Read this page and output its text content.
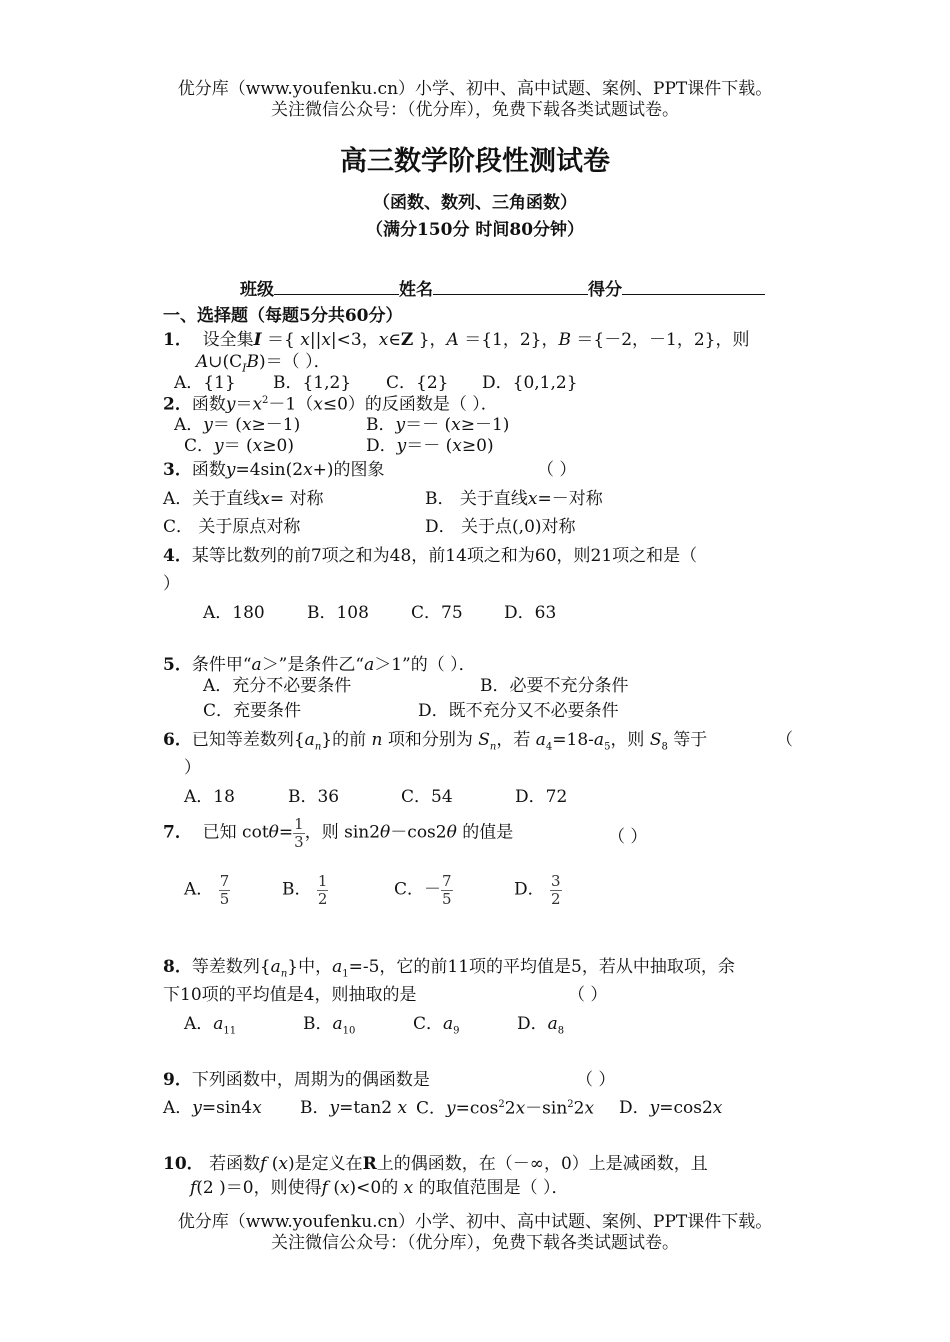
优分库（www.youfenku.cn）小学、初中、高中试题、案例、PPT课件下载。
关注微信公众号：（优分库），免费下载各类试题试卷。
高三数学阶段性测试卷
（函数、数列、三角函数）
（满分150分 时间80分钟）
班级	姓名	得分
一、选择题（每题5分共60分）
1． 设全集I ＝{ x||x|<3，x∈Z }，A ＝{1，2}，B ＝{－2，－1，2}，则
$A\cup(C_IB)=$（ ）．
A．{1} B．{1,2} C．{2} D．{0,1,2}
2．函数$y=x^2-1(x\le 0)$的反函数是（ ）．
A．y＝ (x≥－1)	B．y＝－ (x≥－1)
C．y＝ (x≥0)	D．y＝－ (x≥0)
3．函数y=4sin(2x+)的图象	（ ）
A．关于直线x= 对称	B． 关于直线x=－对称
C． 关于原点对称	D． 关于点(,0)对称
4．某等比数列的前7项之和为48，前14项之和为60，则21项之和是（
）
A．180 B．108 C．75 D．63
5．条件甲“a＞”是条件乙“a＞1”的（ ）．
A．充分不必要条件	B．必要不充分条件
C．充要条件	D．既不充分又不必要条件
6．已知等差数列$\{a_n\}$的前 n 项和分别为 $S_n$，若 $a_4=18-a_5$，则 $S_8$ 等于	（
）
A．18	B．36	C．54	D．72
7． 已知 $\cot\theta= \frac{1}{3}$ ，则 sin2θ－cos2θ 的值是	（ ）
A． $\frac{7}{5}$	B． $\frac{1}{2}$	C．－ $\frac{7}{5}$	D． $\frac{3}{2}$
8．等差数列$\{a_n\}$中，$a_1=-5$，它的前11项的平均值是5，若从中抽取项，余
下10项的平均值是4，则抽取的是	（ ）
A．$a_{11}$	B．$a_{10}$	C．$a_9$	D．$a_8$
9．下列函数中，周期为的偶函数是	（ ）
A．y=sin4x B．y=tan2 x C．$y=\cos^22x-\sin^22x$ D．y=cos2x
10． 若函数f (x)是定义在R上的偶函数，在（－∞，0）上是减函数，且
f(2 )＝0，则使得f (x)<0的 x 的取值范围是（ ）．
优分库（www.youfenku.cn）小学、初中、高中试题、案例、PPT课件下载。
关注微信公众号：（优分库），免费下载各类试题试卷。
